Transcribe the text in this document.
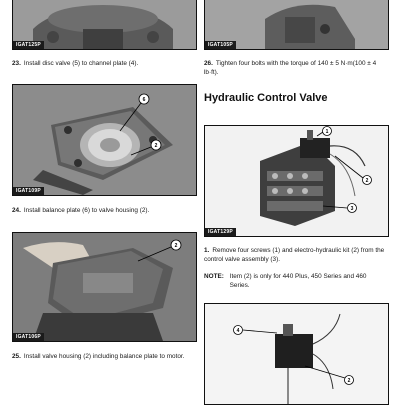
IGAT125P
23. Install disc valve (5) to channel plate (4).
IGAT105P
26. Tighten four bolts with the torque of 140 ± 5 N·m(100 ± 4 lb·ft).
Hydraulic Control Valve
6
2
IGAT109P
24. Install balance plate (6) to valve housing (2).
1
2
3
IGAT129P
1. Remove four screws (1) and electro-hydraulic kit (2) from the control valve assembly (3).
NOTE: Item (2) is only for 440 Plus, 450 Series and 460 Series.
2
IGAT106P
25. Install valve housing (2) including balance plate to motor.
4
2
